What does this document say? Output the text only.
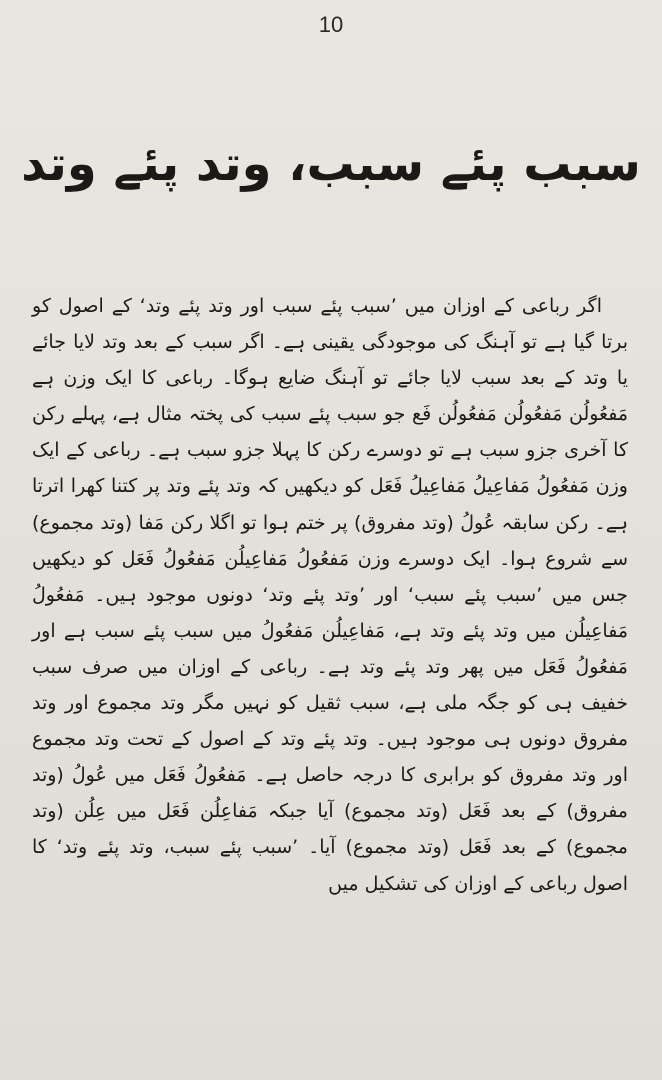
10

سبب پئے سبب، وتد پئے وتد
اگر رباعی کے اوزان میں ’سبب پئے سبب اور وتد پئے وتد‘ کے اصول کو برتا گیا ہے تو آہنگ کی موجودگی یقینی ہے۔ اگر سبب کے بعد وتد لایا جائے یا وتد کے بعد سبب لایا جائے تو آہنگ ضایع ہوگا۔ رباعی کا ایک وزن ہے مَفعُولُن مَفعُولُن مَفعُولُن فَع جو سبب پئے سبب کی پختہ مثال ہے، پہلے رکن کا آخری جزو سبب ہے تو دوسرے رکن کا پہلا جزو سبب ہے۔ رباعی کے ایک وزن مَفعُولُ مَفاعِیلُ مَفاعِیلُ فَعَل کو دیکھیں کہ وتد پئے وتد پر کتنا کھرا اترتا ہے۔ رکن سابقہ عُولُ (وتد مفروق) پر ختم ہوا تو اگلا رکن مَفا (وتد مجموع) سے شروع ہوا۔ ایک دوسرے وزن مَفعُولُ مَفاعِیلُن مَفعُولُ فَعَل کو دیکھیں جس میں ’سبب پئے سبب‘ اور ’وتد پئے وتد‘ دونوں موجود ہیں۔ مَفعُولُ مَفاعِیلُن میں وتد پئے وتد ہے، مَفاعِیلُن مَفعُولُ میں سبب پئے سبب ہے اور مَفعُولُ فَعَل میں پھر وتد پئے وتد ہے۔ رباعی کے اوزان میں صرف سبب خفیف ہی کو جگہ ملی ہے، سبب ثقیل کو نہیں مگر وتد مجموع اور وتد مفروق دونوں ہی موجود ہیں۔ وتد پئے وتد کے اصول کے تحت وتد مجموع اور وتد مفروق کو برابری کا درجہ حاصل ہے۔ مَفعُولُ فَعَل میں عُولُ (وتد مفروق) کے بعد فَعَل (وتد مجموع) آیا جبکہ مَفاعِلُن فَعَل میں عِلُن (وتد مجموع) کے بعد فَعَل (وتد مجموع) آیا۔ ’سبب پئے سبب، وتد پئے وتد‘ کا اصول رباعی کے اوزان کی تشکیل میں
